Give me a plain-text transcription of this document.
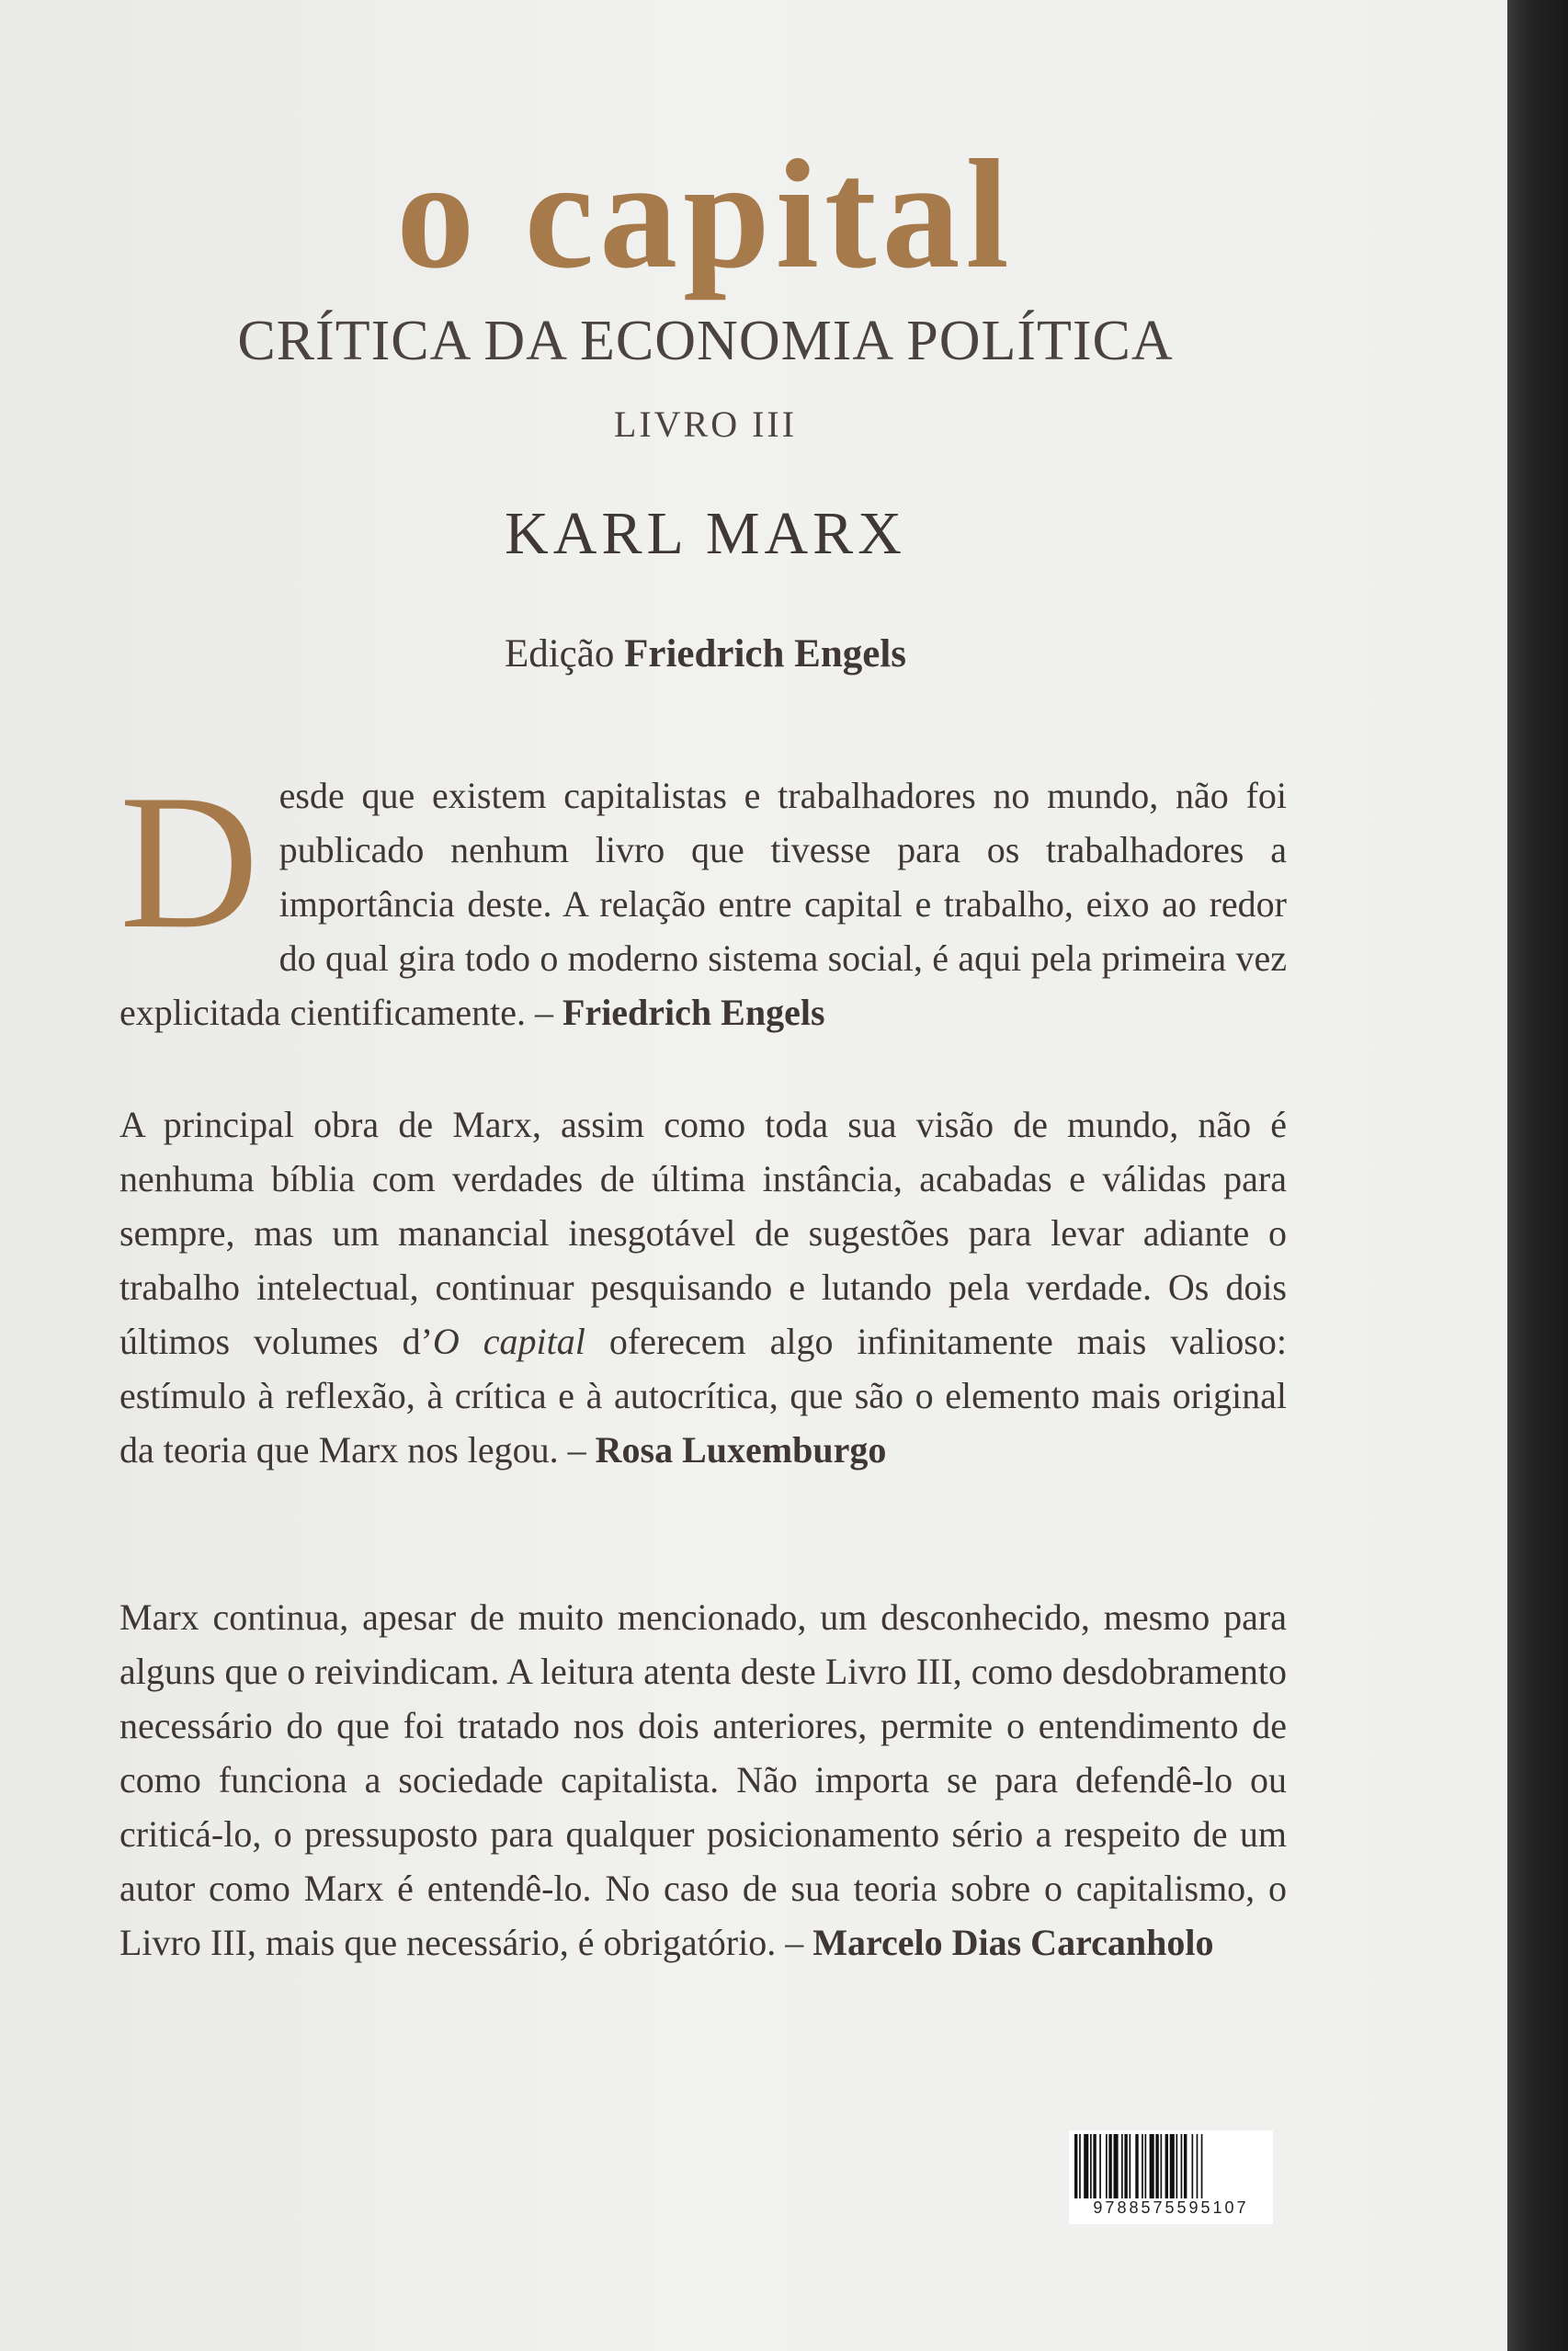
o capital
CRÍTICA DA ECONOMIA POLÍTICA
LIVRO III
KARL MARX
Edição Friedrich Engels
Desde que existem capitalistas e trabalhadores no mundo, não foi publicado nenhum livro que tivesse para os trabalhadores a importância deste. A relação entre capital e trabalho, eixo ao redor do qual gira todo o moderno sistema social, é aqui pela primeira vez explicitada cientificamente. – Friedrich Engels
A principal obra de Marx, assim como toda sua visão de mundo, não é nenhuma bíblia com verdades de última instância, acabadas e válidas para sempre, mas um manancial inesgotável de sugestões para levar adiante o trabalho intelectual, continuar pesquisando e lutando pela verdade. Os dois últimos volumes d’O capital oferecem algo infinitamente mais valioso: estímulo à reflexão, à crítica e à autocrítica, que são o elemento mais original da teoria que Marx nos legou. – Rosa Luxemburgo
Marx continua, apesar de muito mencionado, um desconhecido, mesmo para alguns que o reivindicam. A leitura atenta deste Livro III, como desdobramento necessário do que foi tratado nos dois anteriores, permite o entendimento de como funciona a sociedade capitalista. Não importa se para defendê-lo ou criticá-lo, o pressuposto para qualquer posicionamento sério a respeito de um autor como Marx é entendê-lo. No caso de sua teoria sobre o capitalismo, o Livro III, mais que necessário, é obrigatório. – Marcelo Dias Carcanholo
9788575595107
